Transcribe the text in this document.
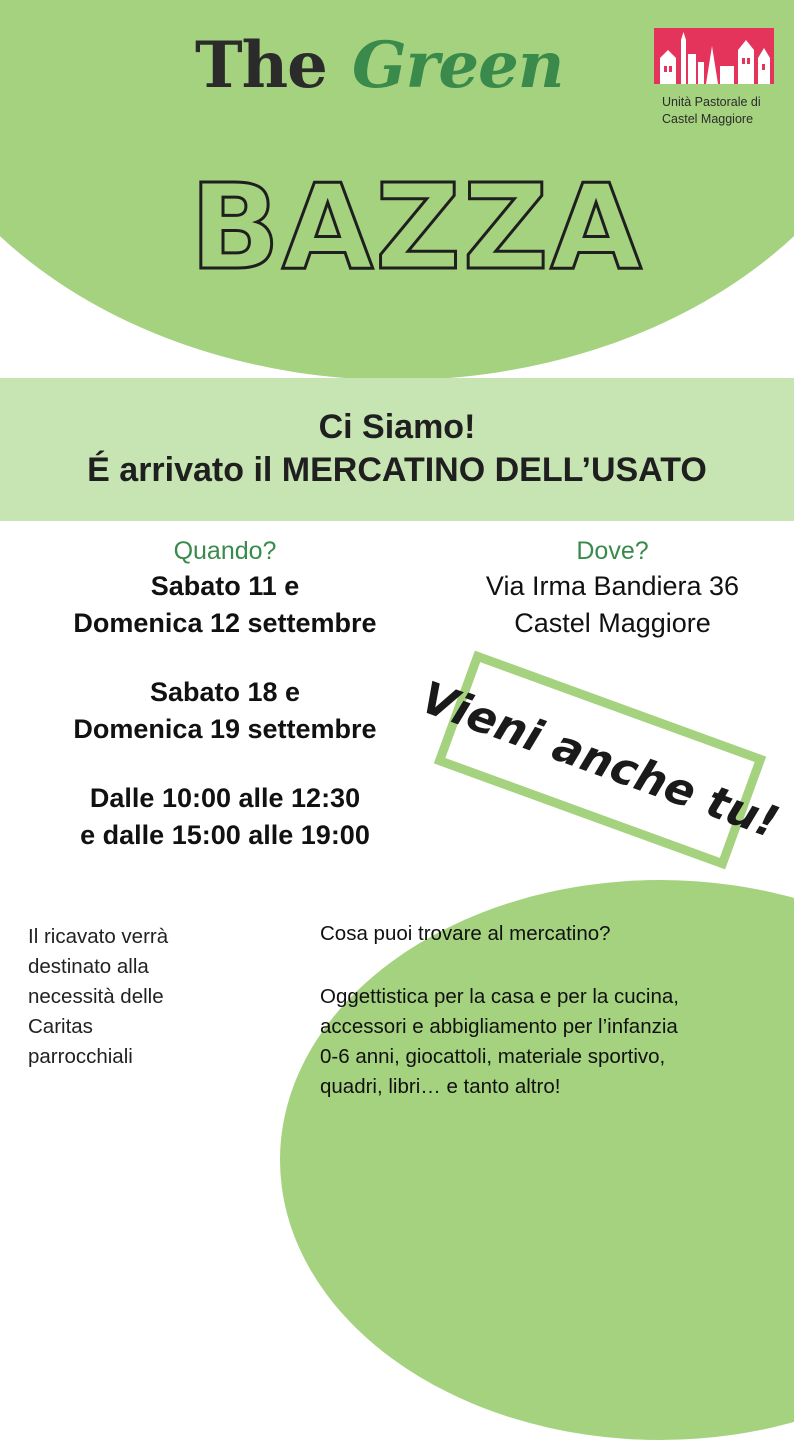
The Green
BAZZA
Unità Pastorale di
Castel Maggiore
Ci Siamo!
É arrivato il MERCATINO DELL’USATO
Quando?
Sabato 11 e
Domenica 12 settembre
Sabato 18 e
Domenica 19 settembre
Dalle 10:00 alle 12:30
e dalle 15:00 alle 19:00
Dove?
Via Irma Bandiera 36
Castel Maggiore
Vieni anche tu!
Il ricavato verrà
destinato alla
necessità delle
Caritas
parrocchiali
Cosa puoi trovare al mercatino?
Oggettistica per la casa e per la cucina,
accessori e abbigliamento per l’infanzia
0-6 anni, giocattoli, materiale sportivo,
quadri, libri… e tanto altro!
